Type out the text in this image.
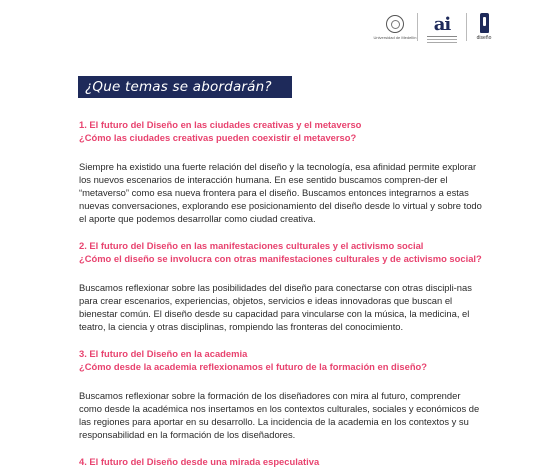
Universidad de Medellín
ai
diseño
¿Que temas se abordarán?
1. El futuro del Diseño en las ciudades creativas y el metaverso
¿Cómo las ciudades creativas pueden coexistir el metaverso?
Siempre ha existido una fuerte relación del diseño y la tecnología, esa afinidad permite explorar los nuevos escenarios de interacción humana. En ese sentido buscamos compren-der el “metaverso” como esa nueva frontera para el diseño. Buscamos entonces integrarnos a estas nuevas conversaciones, explorando ese posicionamiento del diseño desde lo virtual y sobre todo el aporte que podemos desarrollar como ciudad creativa.
2. El futuro del Diseño en las manifestaciones culturales y el activismo social
¿Cómo el diseño se involucra con otras manifestaciones culturales y de activismo social?
Buscamos reflexionar sobre las posibilidades del diseño para conectarse con otras discipli-nas para crear escenarios, experiencias, objetos, servicios e ideas innovadoras que buscan el bienestar común. El diseño desde su capacidad para vincularse con la música, la medicina, el teatro, la ciencia y otras disciplinas, rompiendo las fronteras del conocimiento.
3. El futuro del Diseño en la academia
¿Cómo desde la academia reflexionamos el futuro de la formación en diseño?
Buscamos reflexionar sobre la formación de los diseñadores con mira al futuro, comprender como desde la académica nos insertamos en los contextos culturales, sociales y económicos de las regiones para aportar en su desarrollo. La incidencia de la academia en los contextos y su responsabilidad en la formación de los diseñadores.
4. El futuro del Diseño desde una mirada especulativa
